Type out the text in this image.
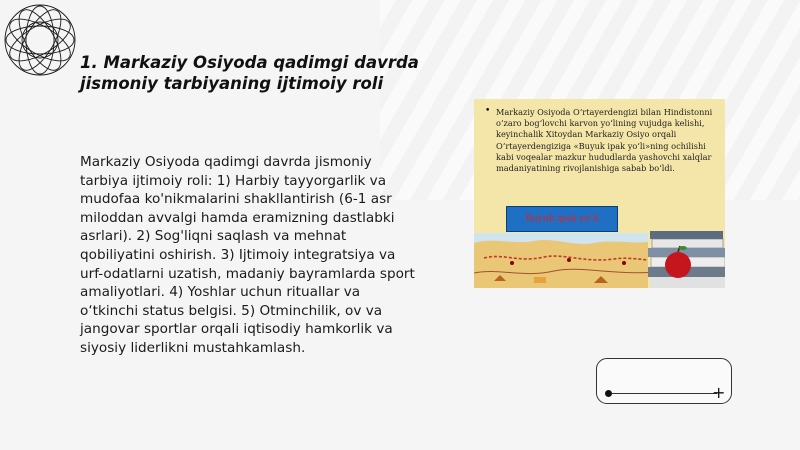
1. Markaziy Osiyoda qadimgi davrda jismoniy tarbiyaning ijtimoiy roli

Markaziy Osiyoda qadimgi davrda jismoniy tarbiya ijtimoiy roli: 1) Harbiy tayyorgarlik va mudofaa ko'nikmalarini shakllantirish (6-1 asr miloddan avvalgi hamda eramizning dastlabki asrlari). 2) Sog'liqni saqlash va mehnat qobiliyatini oshirish. 3) Ijtimoiy integratsiya va urf-odatlarni uzatish, madaniy bayramlarda sport amaliyotlari. 4) Yoshlar uchun rituallar va o‘tkinchi status belgisi. 5) Otminchilik, ov va jangovar sportlar orqali iqtisodiy hamkorlik va siyosiy liderlikni mustahkamlash.

• Markaziy Osiyoda O‘rtayerdengizi bilan Hindistonni o‘zaro bog‘lovchi karvon yo‘lining vujudga kelishi, keyinchalik Xitoydan Markaziy Osiyo orqali O‘rtayerdengiziga «Buyuk ipak yo‘li»ning ochilishi kabi voqealar mazkur hududlarda yashovchi xalqlar madaniyatining rivojlanishiga sabab bo‘ldi.

Buyuk ipak yo‘li
+
